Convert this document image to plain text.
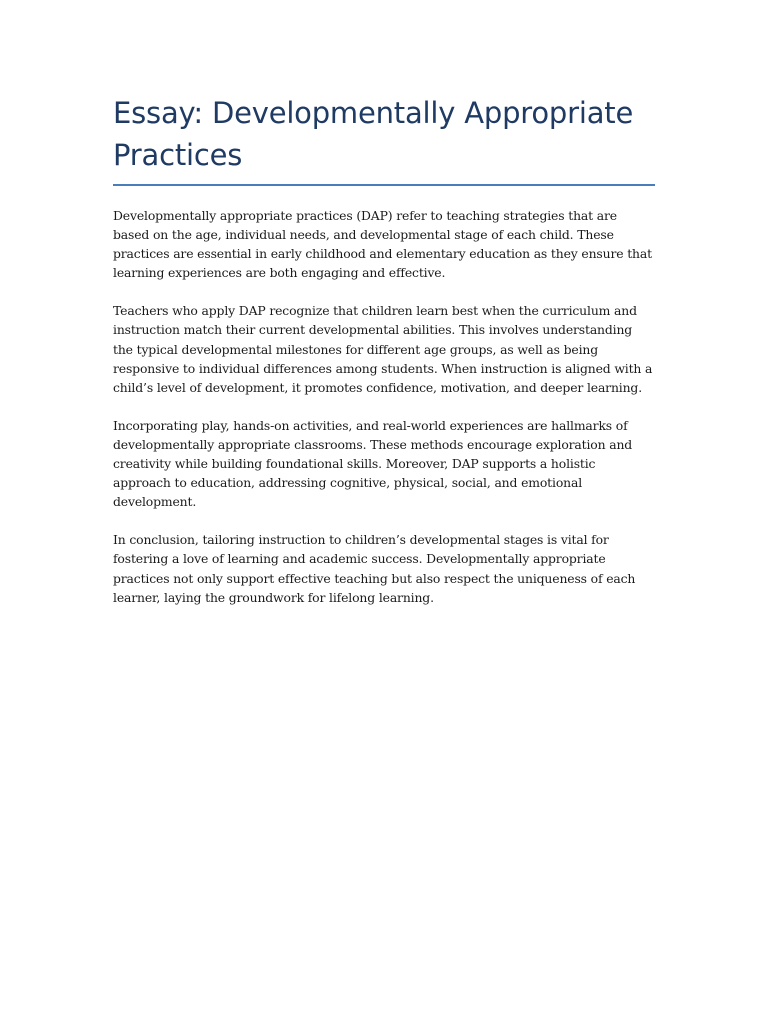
Essay: Developmentally Appropriate Practices

Developmentally appropriate practices (DAP) refer to teaching strategies that are based on the age, individual needs, and developmental stage of each child. These practices are essential in early childhood and elementary education as they ensure that learning experiences are both engaging and effective.

Teachers who apply DAP recognize that children learn best when the curriculum and instruction match their current developmental abilities. This involves understanding the typical developmental milestones for different age groups, as well as being responsive to individual differences among students. When instruction is aligned with a child’s level of development, it promotes confidence, motivation, and deeper learning.

Incorporating play, hands-on activities, and real-world experiences are hallmarks of developmentally appropriate classrooms. These methods encourage exploration and creativity while building foundational skills. Moreover, DAP supports a holistic approach to education, addressing cognitive, physical, social, and emotional development.

In conclusion, tailoring instruction to children’s developmental stages is vital for fostering a love of learning and academic success. Developmentally appropriate practices not only support effective teaching but also respect the uniqueness of each learner, laying the groundwork for lifelong learning.
